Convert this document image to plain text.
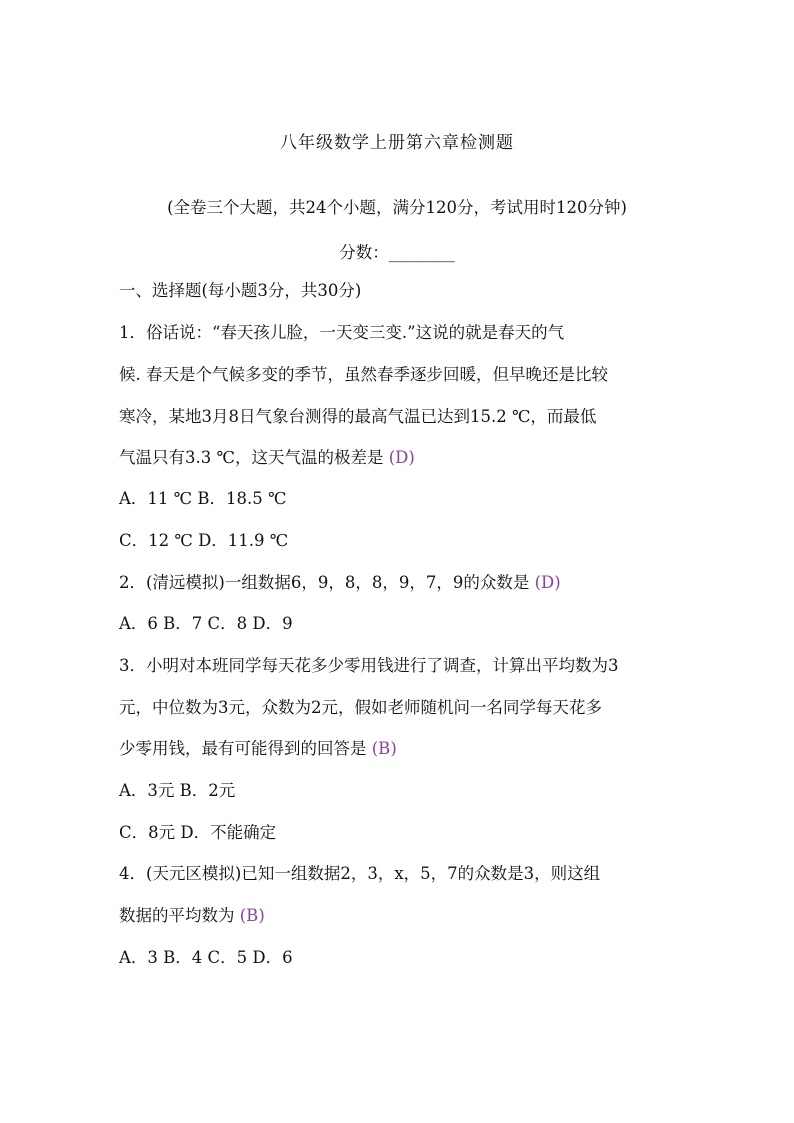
八年级数学上册第六章检测题
(全卷三个大题，共24个小题，满分120分，考试用时120分钟)
分数：________
一、选择题(每小题3分，共30分)
1．俗话说：“春天孩儿脸，一天变三变.”这说的就是春天的气
候. 春天是个气候多变的季节，虽然春季逐步回暖，但早晚还是比较
寒冷，某地3月8日气象台测得的最高气温已达到15.2 ℃，而最低
气温只有3.3 ℃，这天气温的极差是 (D)
A．11 ℃ B．18.5 ℃
C．12 ℃ D．11.9 ℃
2．(清远模拟)一组数据6，9，8，8，9，7，9的众数是 (D)
A．6 B．7 C．8 D．9
3．小明对本班同学每天花多少零用钱进行了调查，计算出平均数为3
元，中位数为3元，众数为2元，假如老师随机问一名同学每天花多
少零用钱，最有可能得到的回答是 (B)
A．3元 B．2元
C．8元 D．不能确定
4．(天元区模拟)已知一组数据2，3，x，5，7的众数是3，则这组
数据的平均数为 (B)
A．3 B．4 C．5 D．6
